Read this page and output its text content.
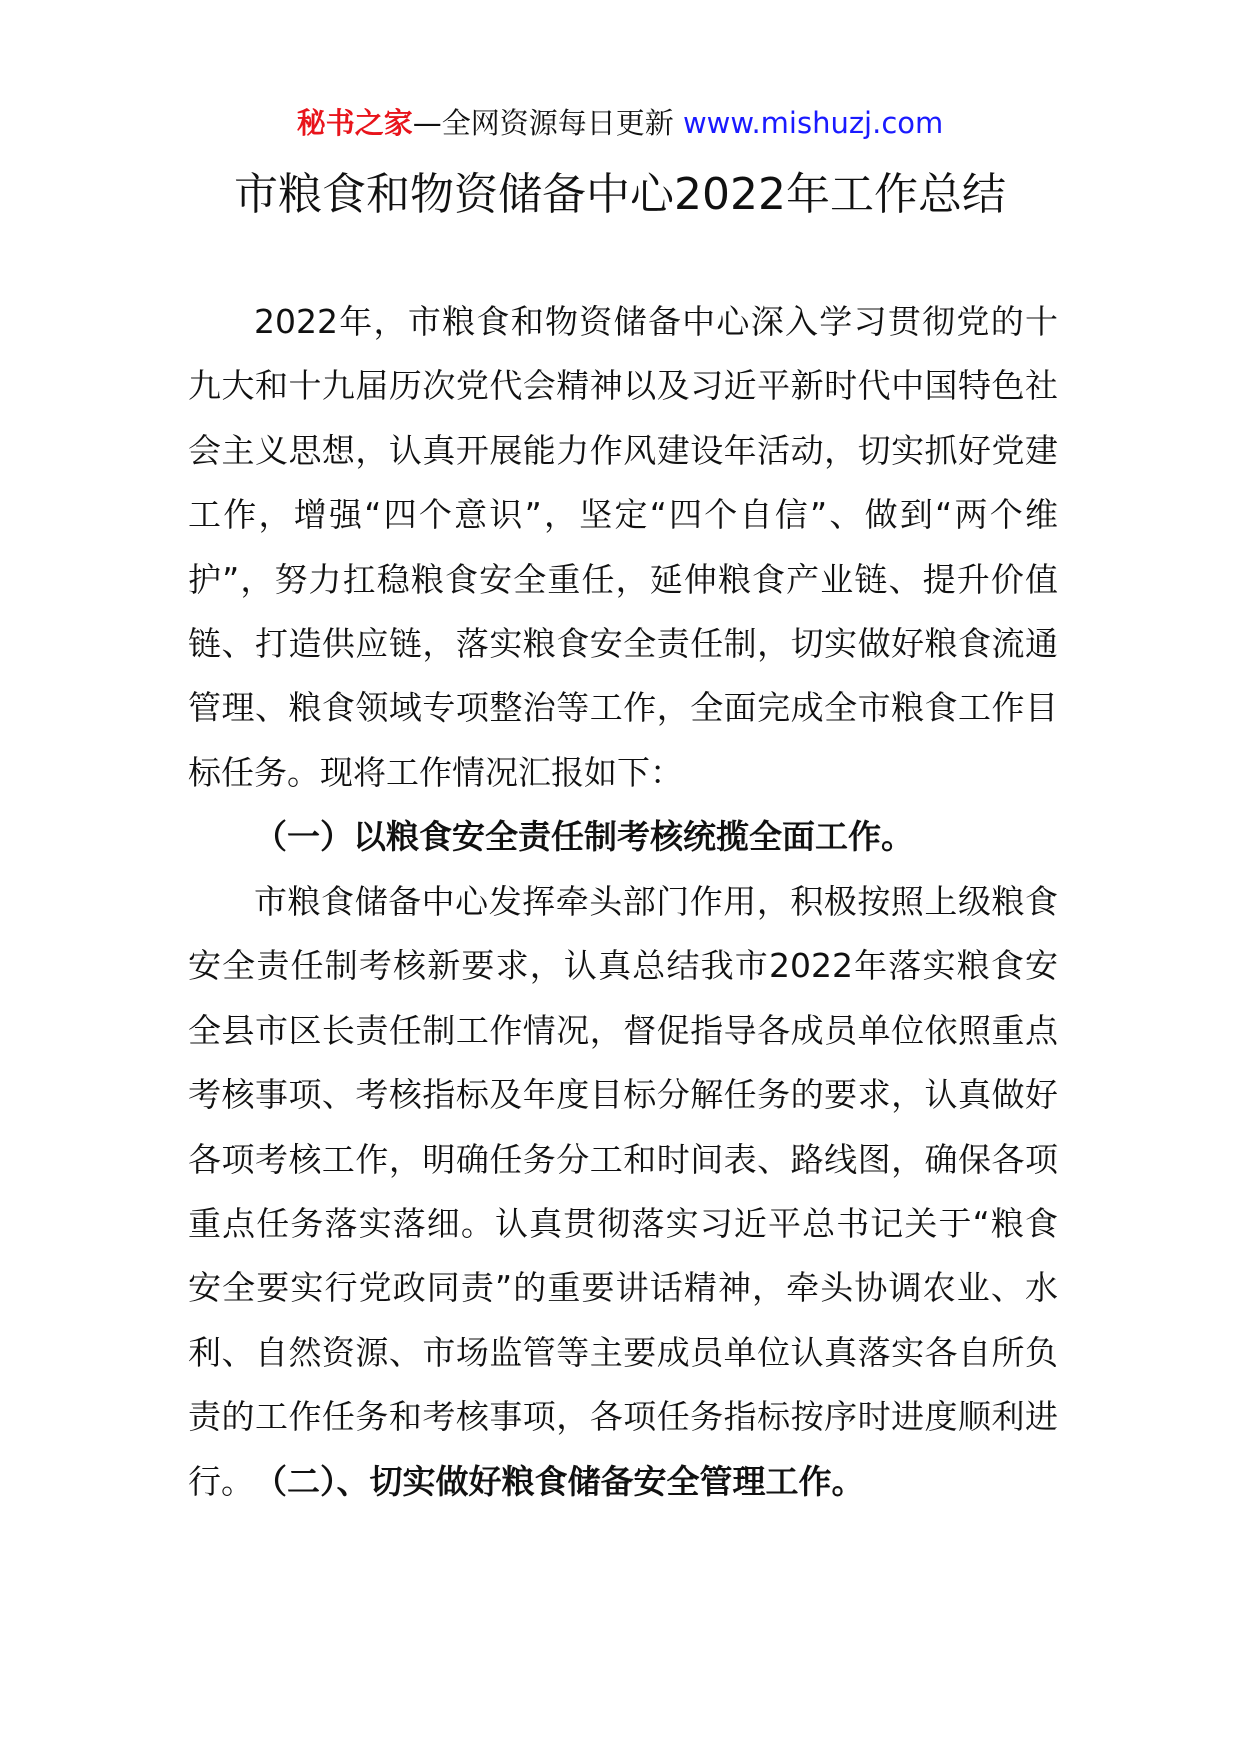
秘书之家—全网资源每日更新 www.mishuzj.com
市粮食和物资储备中心2022年工作总结

2022年，市粮食和物资储备中心深入学习贯彻党的十九大和十九届历次党代会精神以及习近平新时代中国特色社会主义思想，认真开展能力作风建设年活动，切实抓好党建工作，增强“四个意识”，坚定“四个自信”、做到“两个维护”，努力扛稳粮食安全重任，延伸粮食产业链、提升价值链、打造供应链，落实粮食安全责任制，切实做好粮食流通管理、粮食领域专项整治等工作，全面完成全市粮食工作目标任务。现将工作情况汇报如下：

（一）以粮食安全责任制考核统揽全面工作。

市粮食储备中心发挥牵头部门作用，积极按照上级粮食安全责任制考核新要求，认真总结我市2022年落实粮食安全县市区长责任制工作情况，督促指导各成员单位依照重点考核事项、考核指标及年度目标分解任务的要求，认真做好各项考核工作，明确任务分工和时间表、路线图，确保各项重点任务落实落细。认真贯彻落实习近平总书记关于“粮食安全要实行党政同责”的重要讲话精神，牵头协调农业、水利、自然资源、市场监管等主要成员单位认真落实各自所负责的工作任务和考核事项，各项任务指标按序时进度顺利进行。 （二）、切实做好粮食储备安全管理工作。
